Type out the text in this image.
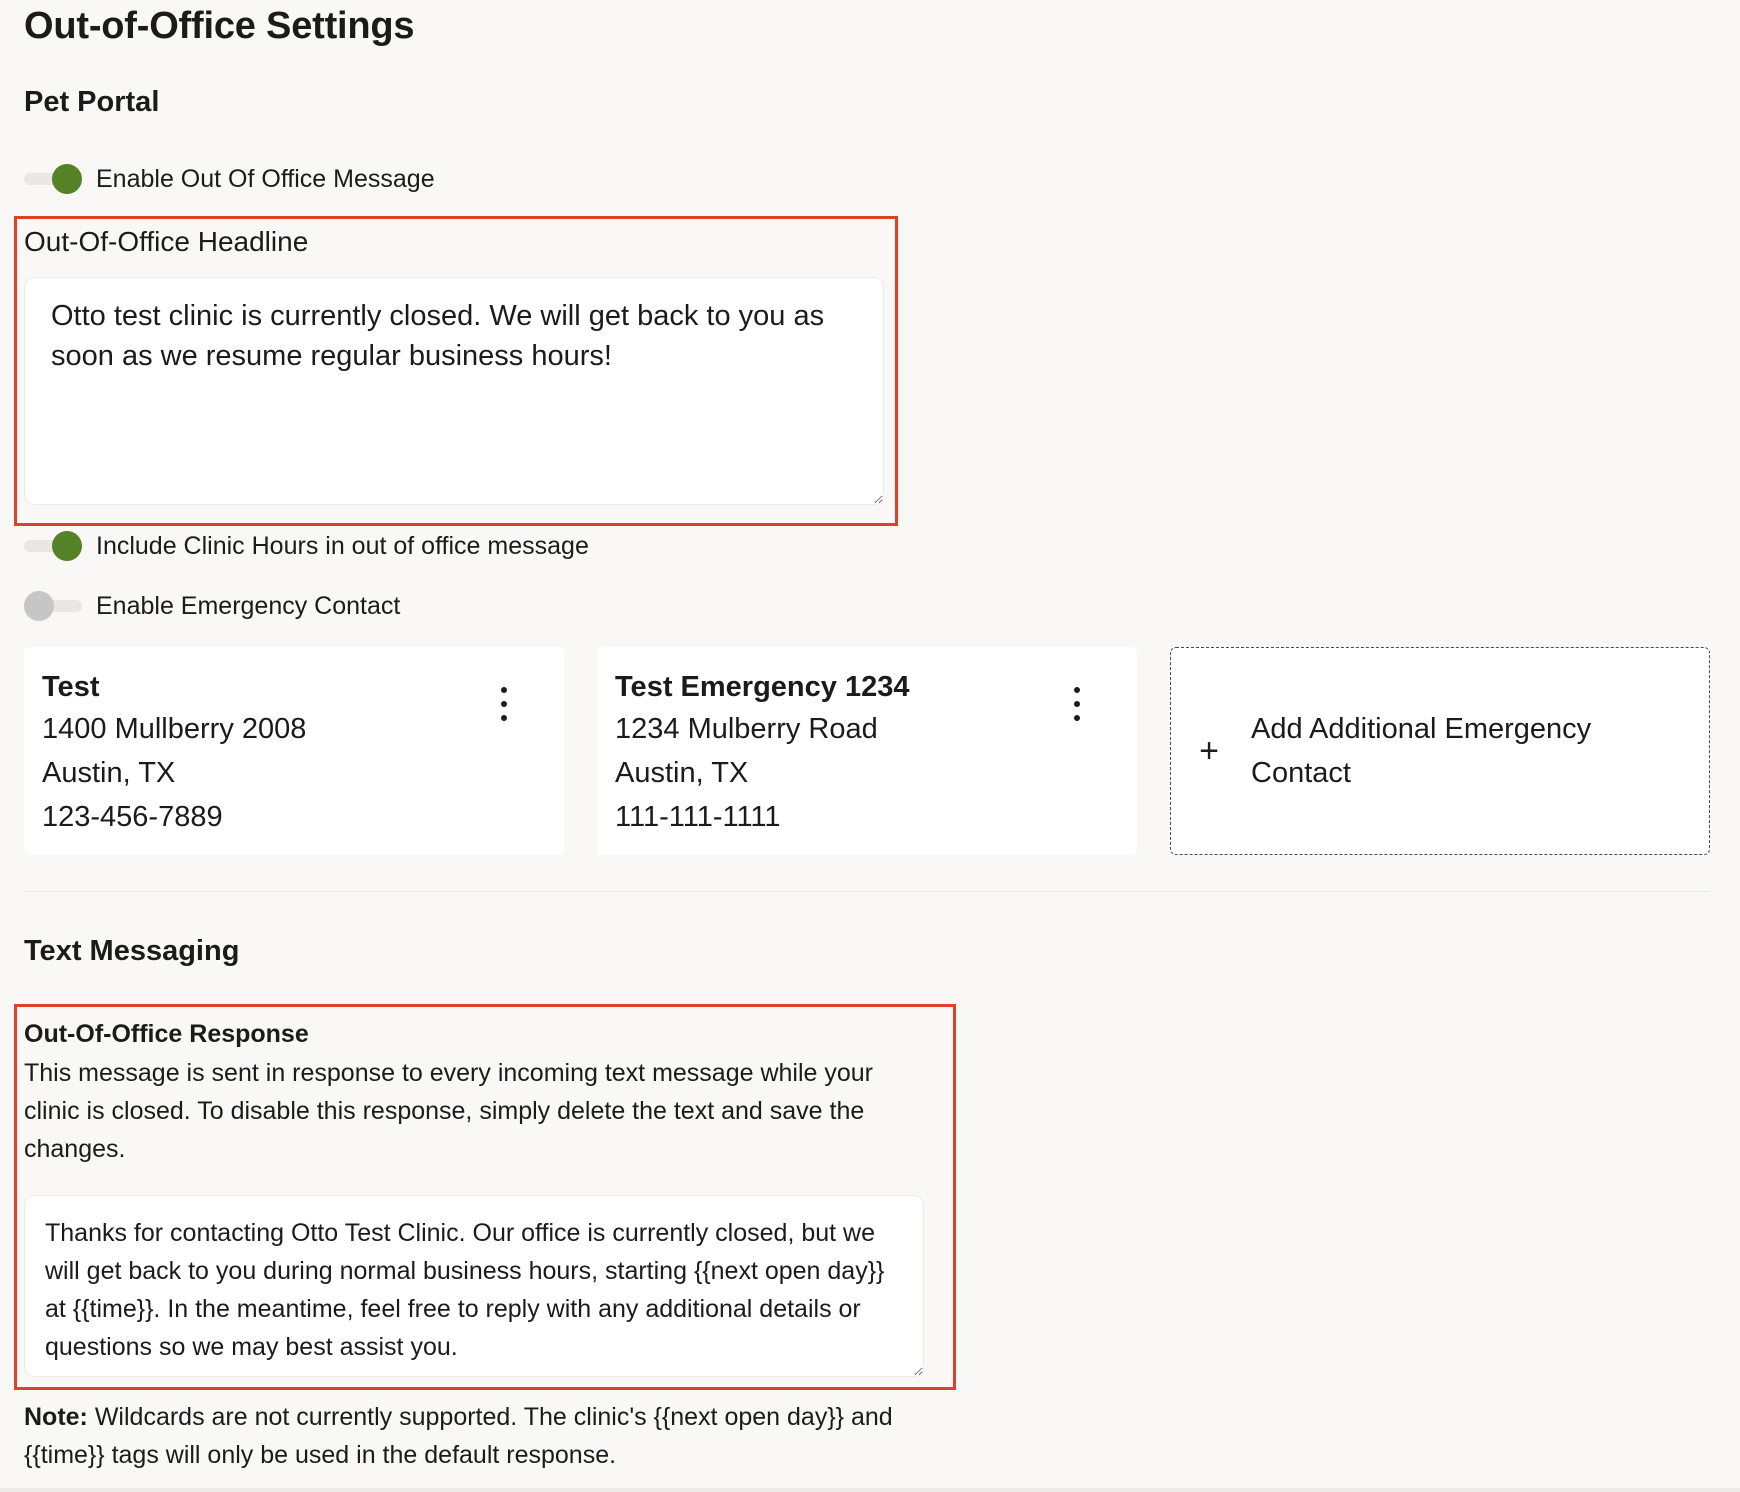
Out-of-Office Settings
Pet Portal
Enable Out Of Office Message
Out-Of-Office Headline
Otto test clinic is currently closed. We will get back to you as soon as we resume regular business hours!
Include Clinic Hours in out of office message
Enable Emergency Contact
Test
1400 Mullberry 2008
Austin, TX
123-456-7889
Test Emergency 1234
1234 Mulberry Road
Austin, TX
111-111-1111
+
Add Additional Emergency Contact
Text Messaging
Out-Of-Office Response
This message is sent in response to every incoming text message while your clinic is closed. To disable this response, simply delete the text and save the changes.
Thanks for contacting Otto Test Clinic. Our office is currently closed, but we will get back to you during normal business hours, starting {{next open day}} at {{time}}. In the meantime, feel free to reply with any additional details or questions so we may best assist you.
Note: Wildcards are not currently supported. The clinic's {{next open day}} and {{time}} tags will only be used in the default response.
